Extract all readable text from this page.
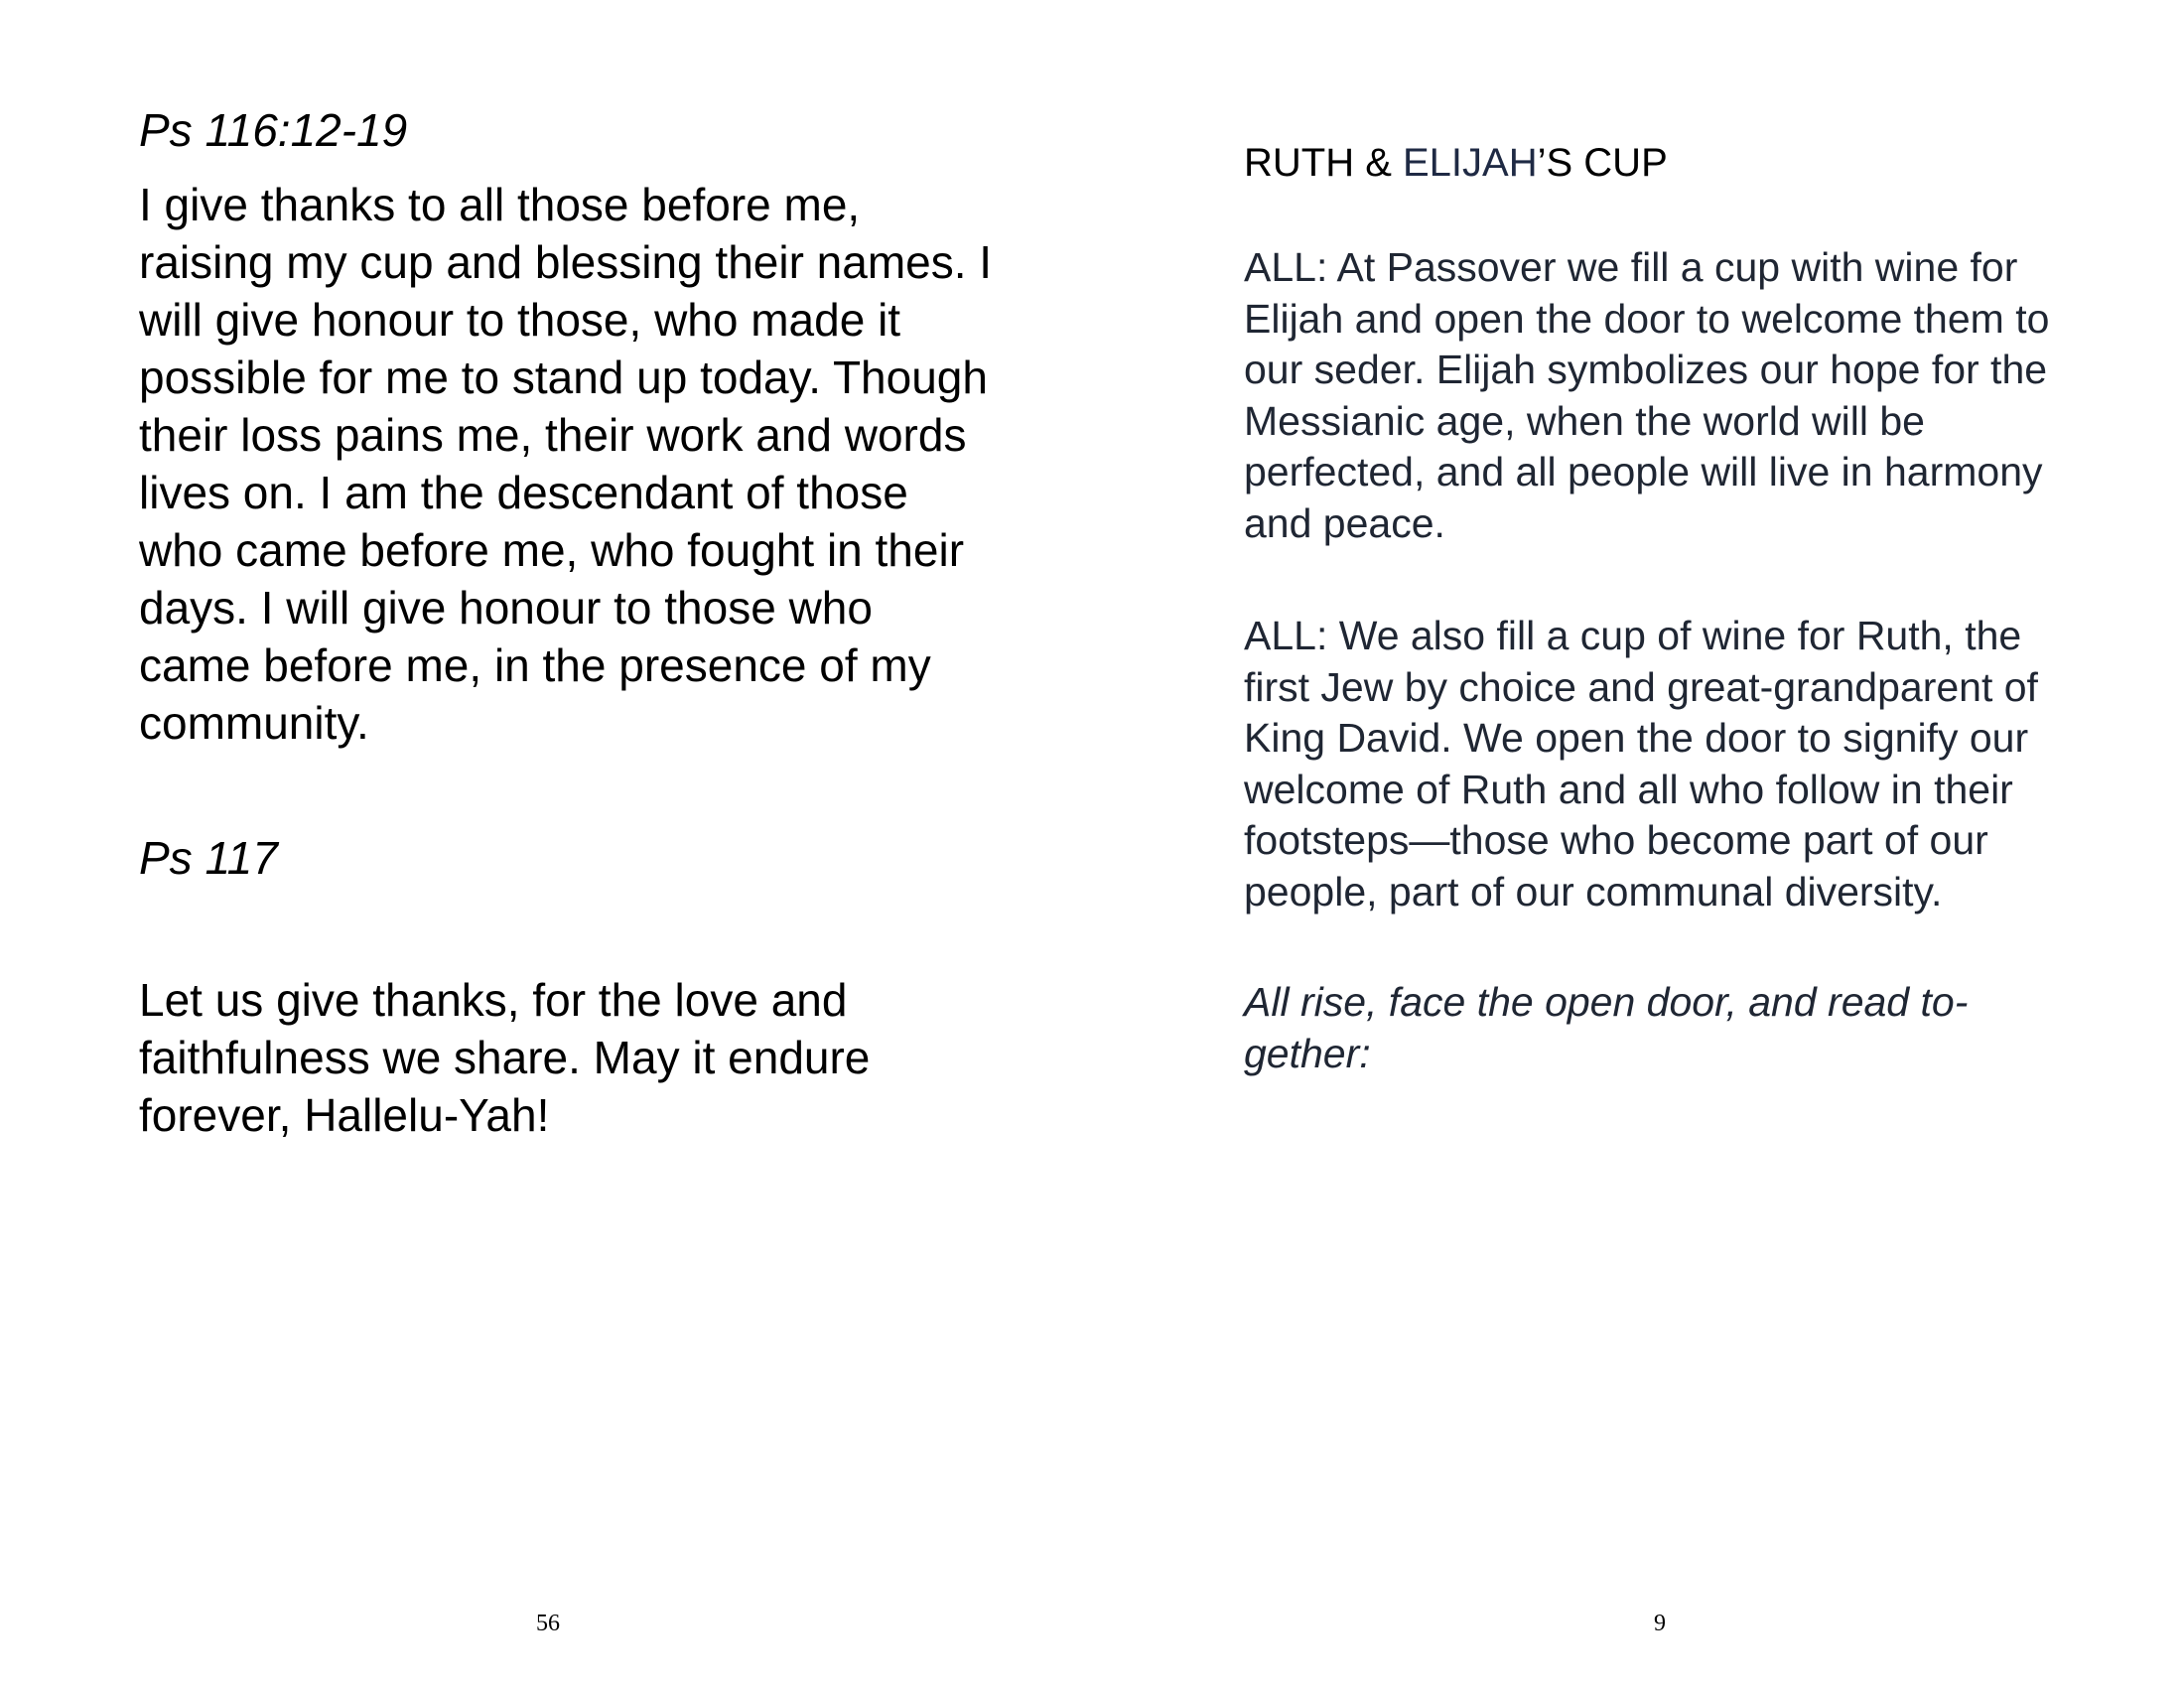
Ps 116:12-19

I give thanks to all those before me, raising my cup and blessing their names. I will give honour to those, who made it possible for me to stand up today. Though their loss pains me, their work and words lives on. I am the descendant of those who came before me, who fought in their days. I will give honour to those who came before me, in the presence of my community.

Ps 117

Let us give thanks, for the love and faithfulness we share. May it endure forever, Hallelu-Yah!

56
RUTH & ELIJAH’S CUP

ALL: At Passover we fill a cup with wine for Elijah and open the door to welcome them to our seder. Elijah symbolizes our hope for the Messianic age, when the world will be perfected, and all people will live in harmony and peace.

ALL: We also fill a cup of wine for Ruth, the first Jew by choice and great-grandparent of King David. We open the door to signify our welcome of Ruth and all who follow in their footsteps—those who become part of our people, part of our communal diversity.

All rise, face the open door, and read to-gether:

9
